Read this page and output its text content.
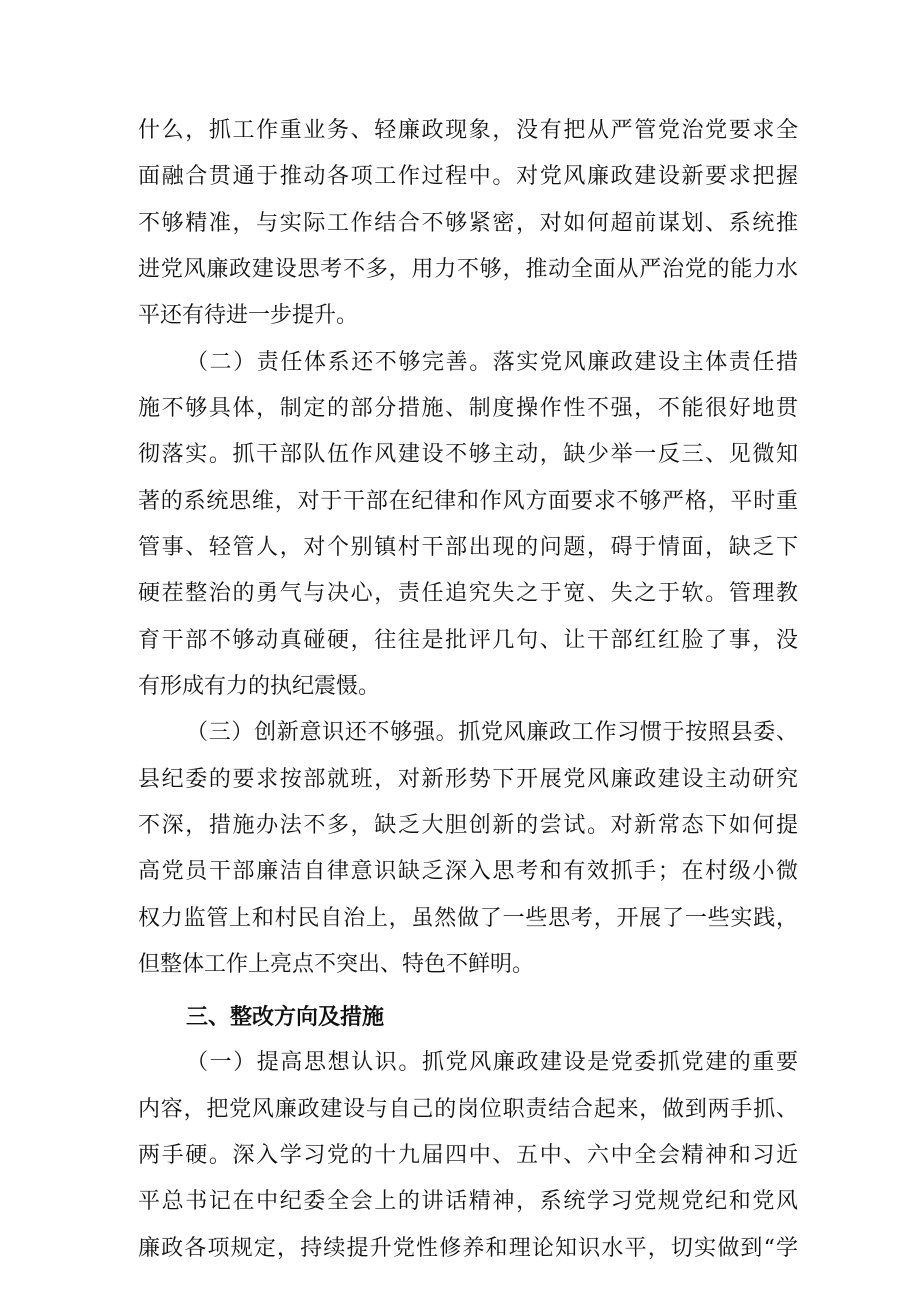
什么，抓工作重业务、轻廉政现象，没有把从严管党治党要求全
面融合贯通于推动各项工作过程中。对党风廉政建设新要求把握
不够精准，与实际工作结合不够紧密，对如何超前谋划、系统推
进党风廉政建设思考不多，用力不够，推动全面从严治党的能力水
平还有待进一步提升。
（二）责任体系还不够完善。落实党风廉政建设主体责任措
施不够具体，制定的部分措施、制度操作性不强，不能很好地贯
彻落实。抓干部队伍作风建设不够主动，缺少举一反三、见微知
著的系统思维，对于干部在纪律和作风方面要求不够严格，平时重
管事、轻管人，对个别镇村干部出现的问题，碍于情面，缺乏下
硬茬整治的勇气与决心，责任追究失之于宽、失之于软。管理教
育干部不够动真碰硬，往往是批评几句、让干部红红脸了事，没
有形成有力的执纪震慑。
（三）创新意识还不够强。抓党风廉政工作习惯于按照县委、
县纪委的要求按部就班，对新形势下开展党风廉政建设主动研究
不深，措施办法不多，缺乏大胆创新的尝试。对新常态下如何提
高党员干部廉洁自律意识缺乏深入思考和有效抓手；在村级小微
权力监管上和村民自治上，虽然做了一些思考，开展了一些实践，
但整体工作上亮点不突出、特色不鲜明。
三、整改方向及措施
（一）提高思想认识。抓党风廉政建设是党委抓党建的重要
内容，把党风廉政建设与自己的岗位职责结合起来，做到两手抓、
两手硬。深入学习党的十九届四中、五中、六中全会精神和习近
平总书记在中纪委全会上的讲话精神，系统学习党规党纪和党风
廉政各项规定，持续提升党性修养和理论知识水平，切实做到“学
